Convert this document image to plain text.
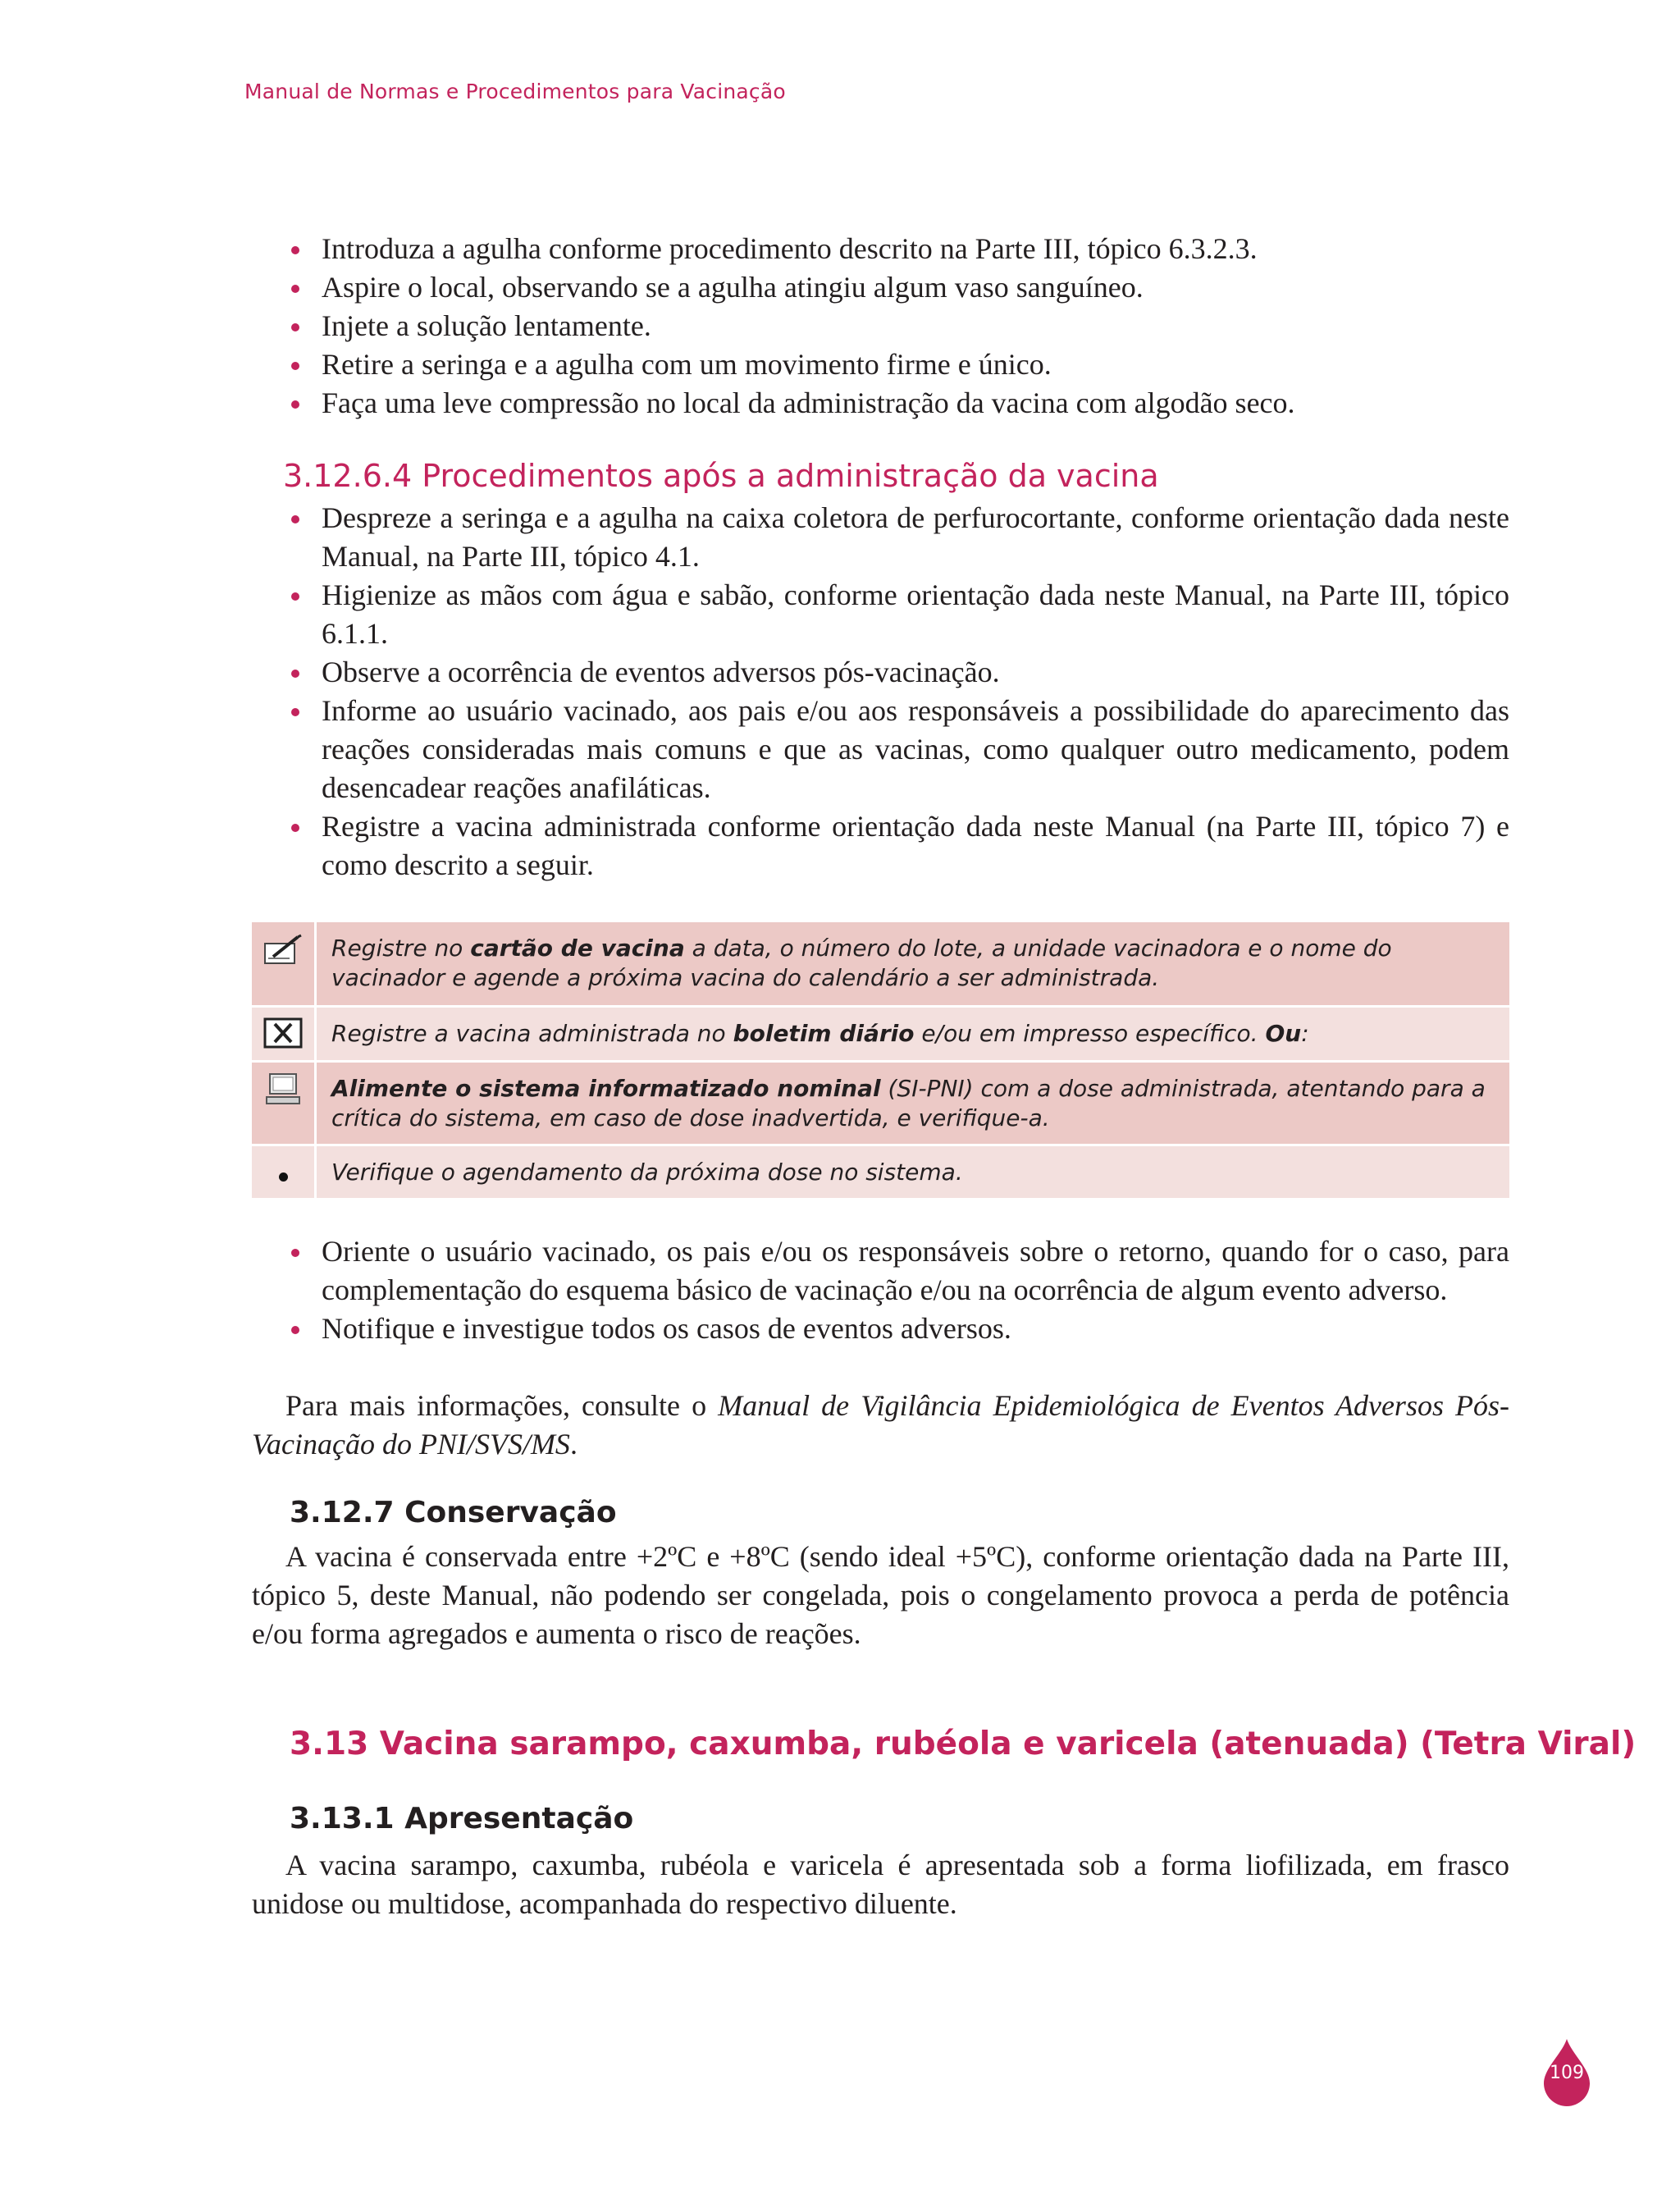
Manual de Normas e Procedimentos para Vacinação
Introduza a agulha conforme procedimento descrito na Parte III, tópico 6.3.2.3.
Aspire o local, observando se a agulha atingiu algum vaso sanguíneo.
Injete a solução lentamente.
Retire a seringa e a agulha com um movimento firme e único.
Faça uma leve compressão no local da administração da vacina com algodão seco.
3.12.6.4 Procedimentos após a administração da vacina
Despreze a seringa e a agulha na caixa coletora de perfurocortante, conforme orientação dada neste Manual, na Parte III, tópico 4.1.
Higienize as mãos com água e sabão, conforme orientação dada neste Manual, na Parte III, tópico 6.1.1.
Observe a ocorrência de eventos adversos pós-vacinação.
Informe ao usuário vacinado, aos pais e/ou aos responsáveis a possibilidade do aparecimento das reações consideradas mais comuns e que as vacinas, como qualquer outro medicamento, podem desencadear reações anafiláticas.
Registre a vacina administrada conforme orientação dada neste Manual (na Parte III, tópico 7) e como descrito a seguir.
Registre no cartão de vacina a data, o número do lote, a unidade vacinadora e o nome do vacinador e agende a próxima vacina do calendário a ser administrada.
Registre a vacina administrada no boletim diário e/ou em impresso específico. Ou:
Alimente o sistema informatizado nominal (SI-PNI) com a dose administrada, atentando para a crítica do sistema, em caso de dose inadvertida, e verifique-a.
Verifique o agendamento da próxima dose no sistema.
Oriente o usuário vacinado, os pais e/ou os responsáveis sobre o retorno, quando for o caso, para complementação do esquema básico de vacinação e/ou na ocorrência de algum evento adverso.
Notifique e investigue todos os casos de eventos adversos.
Para mais informações, consulte o Manual de Vigilância Epidemiológica de Eventos Adversos Pós-Vacinação do PNI/SVS/MS.
3.12.7 Conservação
A vacina é conservada entre +2ºC e +8ºC (sendo ideal +5ºC), conforme orientação dada na Parte III, tópico 5, deste Manual, não podendo ser congelada, pois o congelamento provoca a perda de potência e/ou forma agregados e aumenta o risco de reações.
3.13 Vacina sarampo, caxumba, rubéola e varicela (atenuada) (Tetra Viral)
3.13.1 Apresentação
A vacina sarampo, caxumba, rubéola e varicela é apresentada sob a forma liofilizada, em frasco unidose ou multidose, acompanhada do respectivo diluente.
109
